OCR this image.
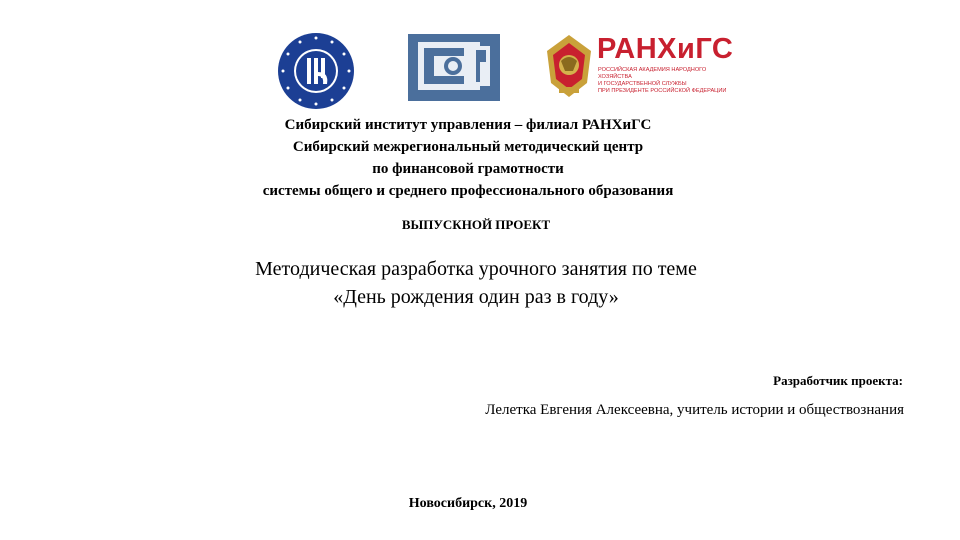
РАНХиГС
РОССИЙСКАЯ АКАДЕМИЯ НАРОДНОГО ХОЗЯЙСТВА
И ГОСУДАРСТВЕННОЙ СЛУЖБЫ
ПРИ ПРЕЗИДЕНТЕ РОССИЙСКОЙ ФЕДЕРАЦИИ
Сибирский институт управления – филиал РАНХиГС
Сибирский межрегиональный методический центр
по финансовой грамотности
системы общего и среднего профессионального образования
ВЫПУСКНОЙ ПРОЕКТ
Методическая разработка урочного занятия по теме
«День рождения один раз в году»
Разработчик проекта:
Лелетка Евгения Алексеевна, учитель истории и обществознания
Новосибирск, 2019
